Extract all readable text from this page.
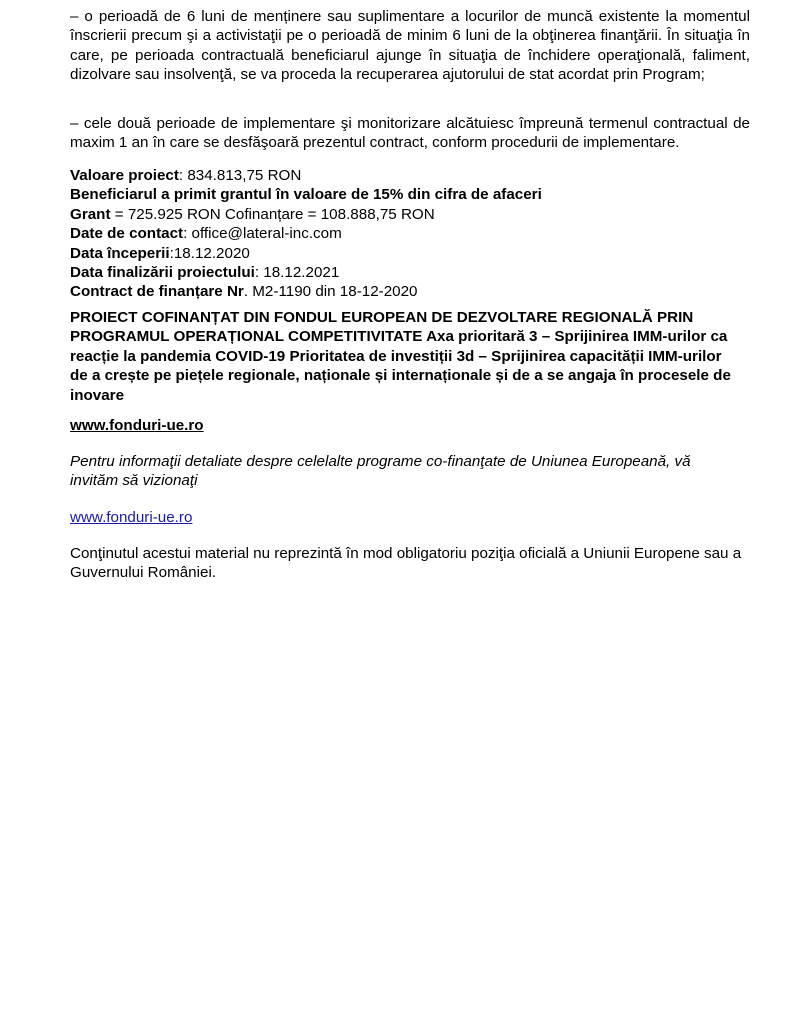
– o perioadă de 6 luni de menținere sau suplimentare a locurilor de muncă existente la momentul înscrierii precum şi a activistaţii pe o perioadă de minim 6 luni de la obţinerea finanţării. În situaţia în care, pe perioada contractuală beneficiarul ajunge în situaţia de închidere operaţională, faliment, dizolvare sau insolvenţă, se va proceda la recuperarea ajutorului de stat acordat prin Program;

– cele două perioade de implementare şi monitorizare alcătuiesc împreună termenul contractual de maxim 1 an în care se desfăşoară prezentul contract, conform procedurii de implementare.

Valoare proiect: 834.813,75 RON
Beneficiarul a primit grantul în valoare de 15% din cifra de afaceri
Grant = 725.925 RON Cofinanțare = 108.888,75 RON
Date de contact: office@lateral-inc.com
Data începerii:18.12.2020
Data finalizării proiectului: 18.12.2021
Contract de finanțare Nr. M2-1190 din 18-12-2020
PROIECT COFINANȚAT DIN FONDUL EUROPEAN DE DEZVOLTARE REGIONALĂ PRIN
PROGRAMUL OPERAȚIONAL COMPETITIVITATE Axa prioritară 3 – Sprijinirea IMM-urilor ca
reacție la pandemia COVID-19 Prioritatea de investiții 3d – Sprijinirea capacității IMM-urilor
de a crește pe piețele regionale, naționale și internaționale și de a se angaja în procesele de
inovare
www.fonduri-ue.ro
Pentru informaţii detaliate despre celelalte programe co-finanţate de Uniunea Europeană, vă
invităm să vizionaţi
www.fonduri-ue.ro
Conţinutul acestui material nu reprezintă în mod obligatoriu poziţia oficială a Uniunii Europene sau a
Guvernului României.
